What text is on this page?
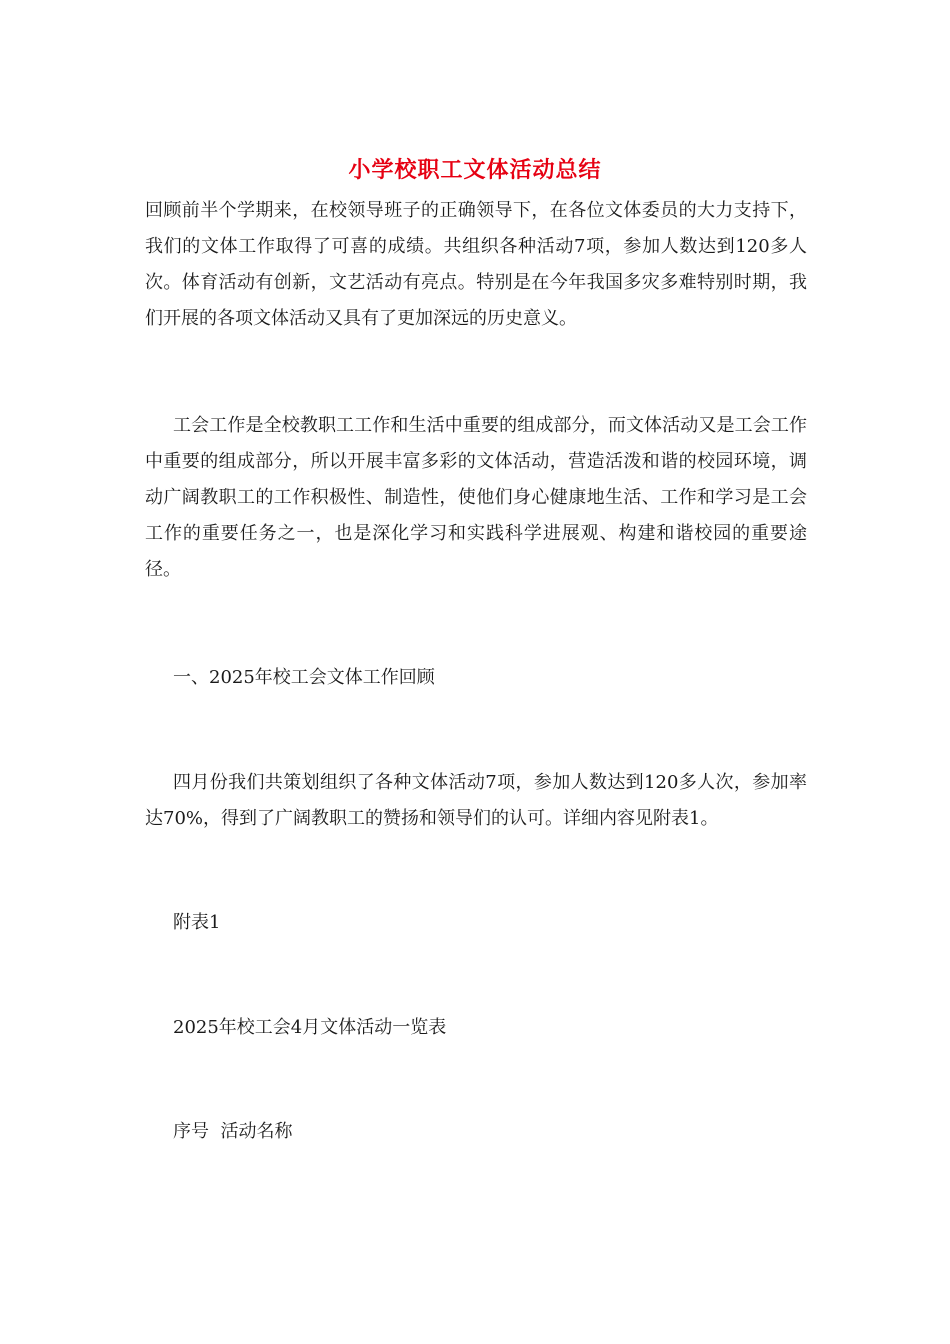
小学校职工文体活动总结

回顾前半个学期来，在校领导班子的正确领导下，在各位文体委员的大力支持下，我们的文体工作取得了可喜的成绩。共组织各种活动7项，参加人数达到120多人次。体育活动有创新，文艺活动有亮点。特别是在今年我国多灾多难特别时期，我们开展的各项文体活动又具有了更加深远的历史意义。

工会工作是全校教职工工作和生活中重要的组成部分，而文体活动又是工会工作中重要的组成部分，所以开展丰富多彩的文体活动，营造活泼和谐的校园环境，调动广阔教职工的工作积极性、制造性，使他们身心健康地生活、工作和学习是工会工作的重要任务之一，也是深化学习和实践科学进展观、构建和谐校园的重要途径。

一、2025年校工会文体工作回顾

四月份我们共策划组织了各种文体活动7项，参加人数达到120多人次，参加率达70%，得到了广阔教职工的赞扬和领导们的认可。详细内容见附表1。

附表1

2025年校工会4月文体活动一览表

序号  活动名称
